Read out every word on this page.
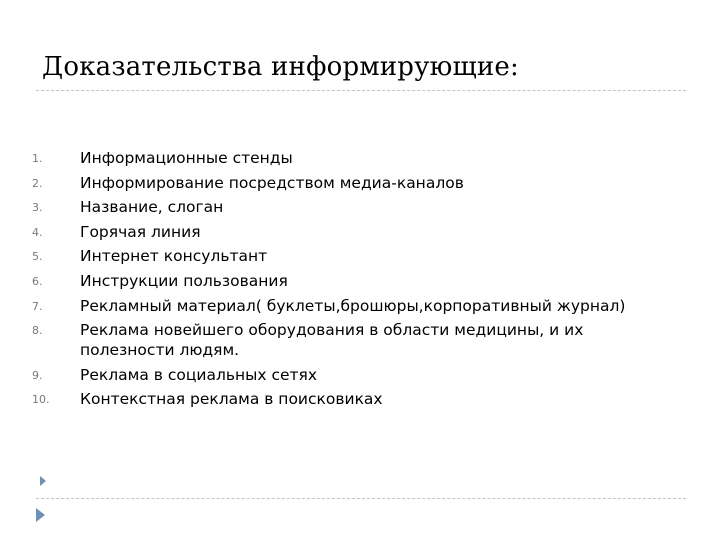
Доказательства информирующие:
1. Информационные стенды
2. Информирование посредством медиа-каналов
3. Название, слоган
4. Горячая линия
5. Интернет консультант
6. Инструкции пользования
7. Рекламный материал( буклеты,брошюры,корпоративный журнал)
8. Реклама новейшего оборудования в области медицины, и их полезности людям.
9. Реклама в социальных сетях
10. Контекстная реклама в поисковиках
